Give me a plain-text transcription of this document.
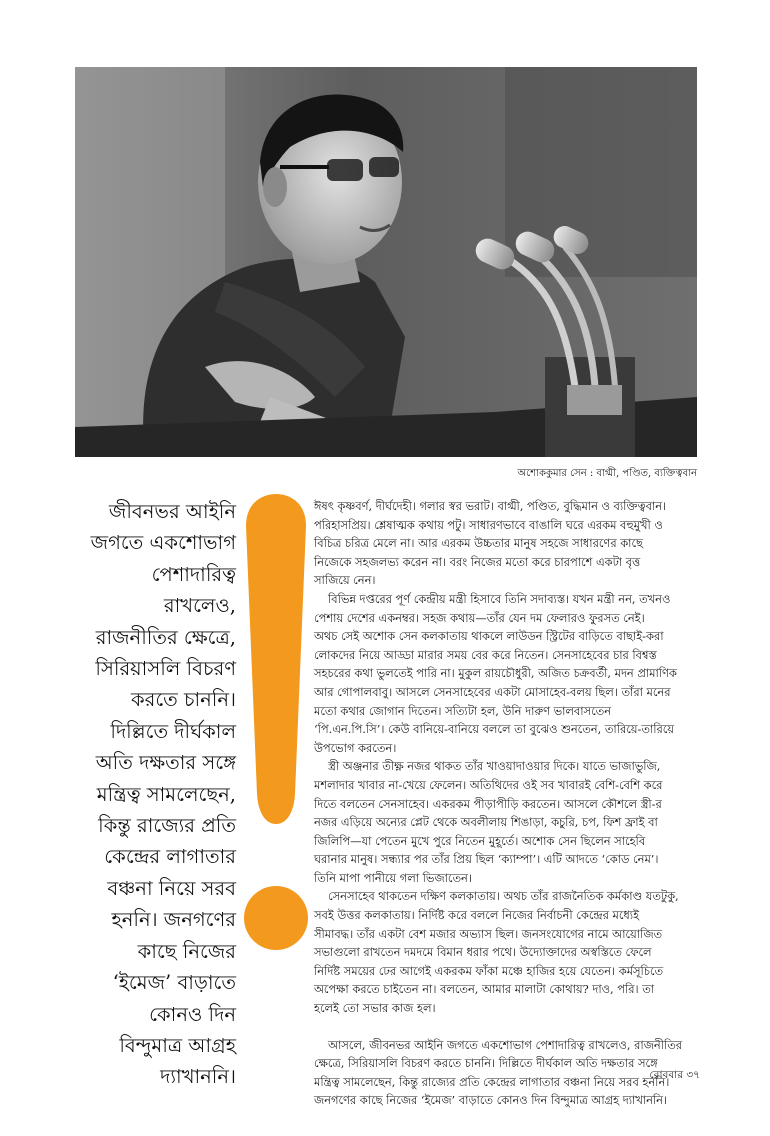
অশোককুমার সেন : বাগ্মী, পণ্ডিত, ব্যক্তিত্ববান
জীবনভর আইনি
জগতে একশোভাগ
পেশাদারিত্ব
রাখলেও,
রাজনীতির ক্ষেত্রে,
সিরিয়াসলি বিচরণ
করতে চাননি।
দিল্লিতে দীর্ঘকাল
অতি দক্ষতার সঙ্গে
মন্ত্রিত্ব সামলেছেন,
কিন্তু রাজ্যের প্রতি
কেন্দ্রের লাগাতার
বঞ্চনা নিয়ে সরব
হননি। জনগণের
কাছে নিজের
‘ইমেজ’ বাড়াতে
কোনও দিন
বিন্দুমাত্র আগ্রহ
দ্যাখাননি।

ঈষৎ কৃষ্ণবর্ণ, দীর্ঘদেহী। গলার স্বর ভরাট। বাগ্মী, পণ্ডিত, বুদ্ধিমান ও ব্যক্তিত্ববান।
পরিহাসপ্রিয়। শ্লেষাত্মক কথায় পটু। সাধারণভাবে বাঙালি ঘরে এরকম বহুমুখী ও
বিচিত্র চরিত্র মেলে না। আর এরকম উচ্চতার মানুষ সহজে সাধারণের কাছে
নিজেকে সহজলভ্য করেন না। বরং নিজের মতো করে চারপাশে একটা বৃত্ত
সাজিয়ে নেন।

বিভিন্ন দপ্তরের পূর্ণ কেন্দ্রীয় মন্ত্রী হিসাবে তিনি সদাব্যস্ত। যখন মন্ত্রী নন, তখনও
পেশায় দেশের একনম্বর। সহজ কথায়—তাঁর যেন দম ফেলারও ফুরসত নেই।
অথচ সেই অশোক সেন কলকাতায় থাকলে লাউডন স্ট্রিটের বাড়িতে বাছাই-করা
লোকদের নিয়ে আড্ডা মারার সময় বের করে নিতেন। সেনসাহেবের চার বিশ্বস্ত
সহচরের কথা ভুলতেই পারি না। মুকুল রায়চৌধুরী, অজিত চক্রবর্তী, মদন প্রামাণিক
আর গোপালবাবু। আসলে সেনসাহেবের একটা মোসাহেব-বলয় ছিল। তাঁরা মনের
মতো কথার জোগান দিতেন। সত্যিটা হল, উনি দারুণ ভালবাসতেন
‘পি.এন.পি.সি’। কেউ বানিয়ে-বানিয়ে বললে তা বুঝেও শুনতেন, তারিয়ে-তারিয়ে
উপভোগ করতেন।

স্ত্রী অঞ্জনার তীক্ষ্ণ নজর থাকত তাঁর খাওয়াদাওয়ার দিকে। যাতে ভাজাভুজি,
মশলাদার খাবার না-খেয়ে ফেলেন। অতিথিদের ওই সব খাবারই বেশি-বেশি করে
দিতে বলতেন সেনসাহেব। একরকম পীড়াপীড়ি করতেন। আসলে কৌশলে স্ত্রী-র
নজর এড়িয়ে অন্যের প্লেট থেকে অবলীলায় শিঙাড়া, কচুরি, চপ, ফিশ ফ্রাই বা
জিলিপি—যা পেতেন মুখে পুরে নিতেন মুহূর্তে। অশোক সেন ছিলেন সাহেবি
ঘরানার মানুষ। সন্ধ্যার পর তাঁর প্রিয় ছিল ‘ক্যাম্পা’। এটি আদতে ‘কোড নেম’।
তিনি মাপা পানীয়ে গলা ভিজাতেন।

সেনসাহেব থাকতেন দক্ষিণ কলকাতায়। অথচ তাঁর রাজনৈতিক কর্মকাণ্ড যতটুকু,
সবই উত্তর কলকাতায়। নির্দিষ্ট করে বললে নিজের নির্বাচনী কেন্দ্রের মধ্যেই
সীমাবদ্ধ। তাঁর একটা বেশ মজার অভ্যাস ছিল। জনসংযোগের নামে আয়োজিত
সভাগুলো রাখতেন দমদমে বিমান ধরার পথে। উদ্যোক্তাদের অস্বস্তিতে ফেলে
নির্দিষ্ট সময়ের ঢের আগেই একরকম ফাঁকা মঞ্চে হাজির হয়ে যেতেন। কর্মসূচিতে
অপেক্ষা করতে চাইতেন না। বলতেন, আমার মালাটা কোথায়? দাও, পরি। তা
হলেই তো সভার কাজ হল।

আসলে, জীবনভর আইনি জগতে একশোভাগ পেশাদারিত্ব রাখলেও, রাজনীতির
ক্ষেত্রে, সিরিয়াসলি বিচরণ করতে চাননি। দিল্লিতে দীর্ঘকাল অতি দক্ষতার সঙ্গে
মন্ত্রিত্ব সামলেছেন, কিন্তু রাজ্যের প্রতি কেন্দ্রের লাগাতার বঞ্চনা নিয়ে সরব হননি।
জনগণের কাছে নিজের ‘ইমেজ’ বাড়াতে কোনও দিন বিন্দুমাত্র আগ্রহ দ্যাখাননি।

রোববার ৩৭
